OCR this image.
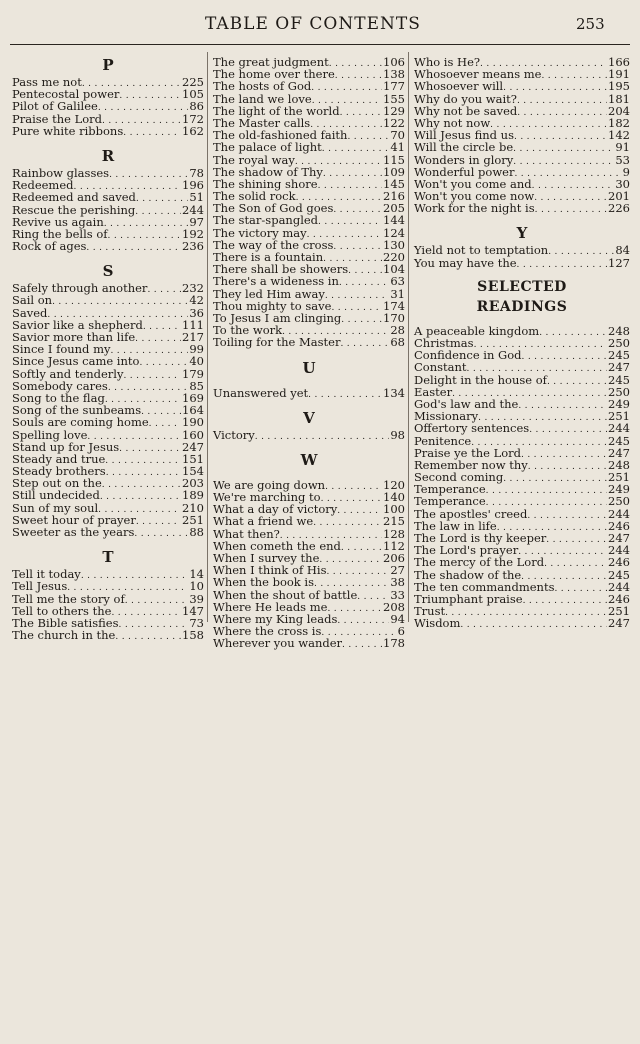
TABLE OF CONTENTS	253
P
Pass me not . . .	225
Pentecostal power . . .	105
Pilot of Galilee . . .	86
Praise the Lord . . .	172
Pure white ribbons . . .	162
R
Rainbow glasses . . .	78
Redeemed . . .	196
Redeemed and saved . . .	51
Rescue the perishing . . .	244
Revive us again . . .	97
Ring the bells of . . .	192
Rock of ages . . .	236
S
Safely through another . . .	232
Sail on . . .	42
Saved . . .	36
Savior like a shepherd . . .	111
Savior more than life . . .	217
Since I found my . . .	99
Since Jesus came into . . .	40
Softly and tenderly . . .	179
Somebody cares . . .	85
Song to the flag . . .	169
Song of the sunbeams . . .	164
Souls are coming home . . .	190
Spelling love . . .	160
Stand up for Jesus . . .	247
Steady and true . . .	151
Steady brothers . . .	154
Step out on the . . .	203
Still undecided . . .	189
Sun of my soul . . .	210
Sweet hour of prayer . . .	251
Sweeter as the years . . .	88
T
Tell it today . . .	14
Tell Jesus . . .	10
Tell me the story of . . .	39
Tell to others the . . .	147
The Bible satisfies . . .	73
The church in the . . .	158
The great judgment . . .	106
The home over there . . .	138
The hosts of God . . .	177
The land we love . . .	155
The light of the world . . .	129
The Master calls . . .	122
The old-fashioned faith . . .	70
The palace of light . . .	41
The royal way . . .	115
The shadow of Thy . . .	109
The shining shore . . .	145
The solid rock . . .	216
The Son of God goes . . .	205
The star-spangled . . .	144
The victory may . . .	124
The way of the cross . . .	130
There is a fountain . . .	220
There shall be showers . . .	104
There's a wideness in . . .	63
They led Him away . . .	31
Thou mighty to save . . .	174
To Jesus I am clinging . . .	170
To the work . . .	28
Toiling for the Master . . .	68
U
Unanswered yet . . .	134
V
Victory . . .	98
W
We are going down . . .	120
We're marching to . . .	140
What a day of victory . . .	100
What a friend we . . .	215
What then? . . .	128
When cometh the end . . .	112
When I survey the . . .	206
When I think of His . . .	27
When the book is . . .	38
When the shout of battle . . .	33
Where He leads me . . .	208
Where my King leads . . .	94
Where the cross is . . .	6
Wherever you wander . . .	178
Who is He? . . .	166
Whosoever means me . . .	191
Whosoever will . . .	195
Why do you wait? . . .	181
Why not be saved . . .	204
Why not now . . .	182
Will Jesus find us . . .	142
Will the circle be . . .	91
Wonders in glory . . .	53
Wonderful power . . .	9
Won't you come and . . .	30
Won't you come now . . .	201
Work for the night is . . .	226
Y
Yield not to temptation . . .	84
You may have the . . .	127
SELECTED
READINGS
A peaceable kingdom . . .	248
Christmas . . .	250
Confidence in God . . .	245
Constant . . .	247
Delight in the house of . . .	245
Easter . . .	250
God's law and the . . .	249
Missionary . . .	251
Offertory sentences . . .	244
Penitence . . .	245
Praise ye the Lord . . .	247
Remember now thy . . .	248
Second coming . . .	251
Temperance . . .	249
Temperance . . .	250
The apostles' creed . . .	244
The law in life . . .	246
The Lord is thy keeper . . .	247
The Lord's prayer . . .	244
The mercy of the Lord . . .	246
The shadow of the . . .	245
The ten commandments . . .	244
Triumphant praise . . .	246
Trust . . .	251
Wisdom . . .	247
